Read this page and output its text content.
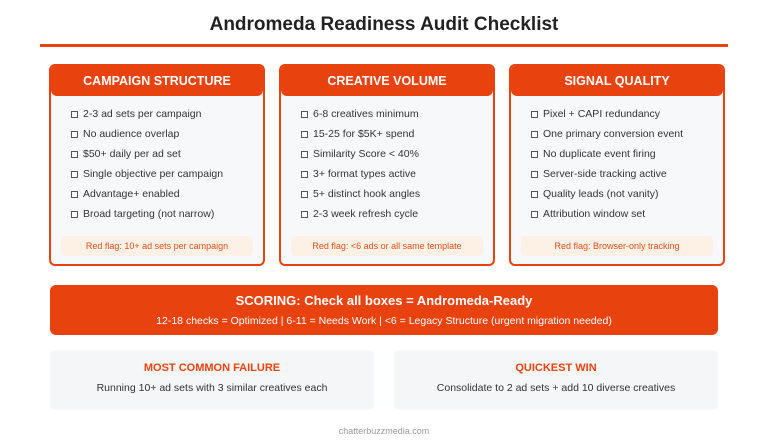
Andromeda Readiness Audit Checklist
CAMPAIGN STRUCTURE
2-3 ad sets per campaign
No audience overlap
$50+ daily per ad set
Single objective per campaign
Advantage+ enabled
Broad targeting (not narrow)
Red flag: 10+ ad sets per campaign
CREATIVE VOLUME
6-8 creatives minimum
15-25 for $5K+ spend
Similarity Score < 40%
3+ format types active
5+ distinct hook angles
2-3 week refresh cycle
Red flag: <6 ads or all same template
SIGNAL QUALITY
Pixel + CAPI redundancy
One primary conversion event
No duplicate event firing
Server-side tracking active
Quality leads (not vanity)
Attribution window set
Red flag: Browser-only tracking
SCORING: Check all boxes = Andromeda-Ready
12-18 checks = Optimized | 6-11 = Needs Work | <6 = Legacy Structure (urgent migration needed)
MOST COMMON FAILURE
Running 10+ ad sets with 3 similar creatives each
QUICKEST WIN
Consolidate to 2 ad sets + add 10 diverse creatives
chatterbuzzmedia.com
